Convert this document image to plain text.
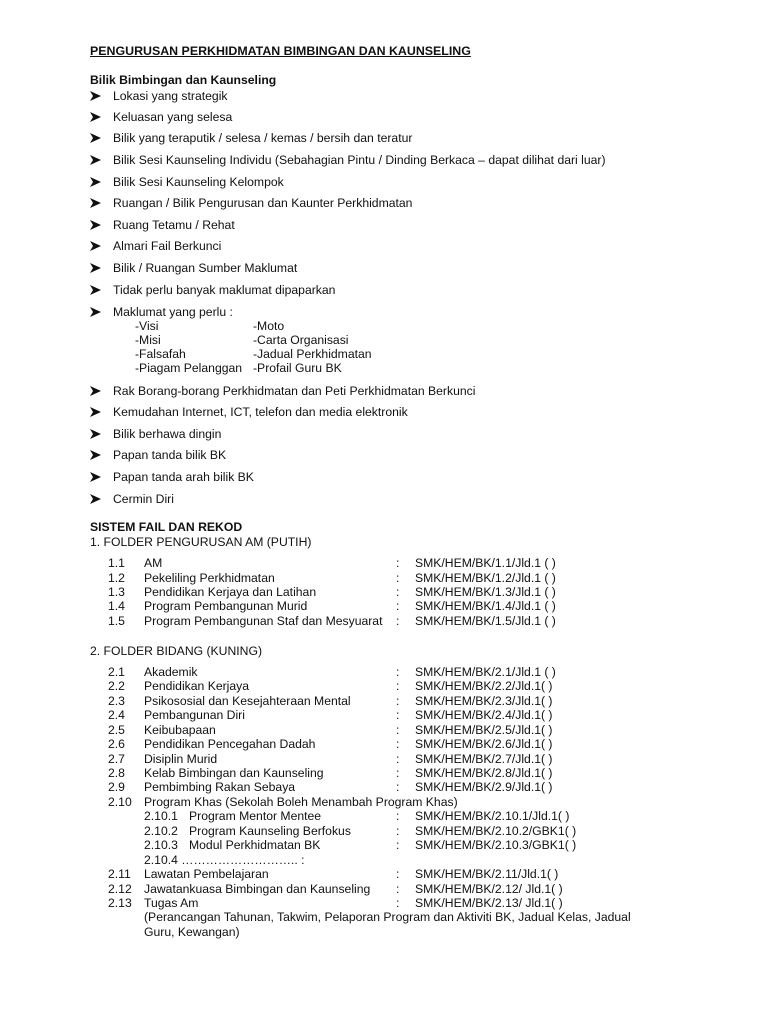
PENGURUSAN PERKHIDMATAN BIMBINGAN DAN KAUNSELING
Bilik Bimbingan dan Kaunseling
Lokasi yang strategik
Keluasan yang selesa
Bilik yang teraputik / selesa / kemas / bersih dan teratur
Bilik Sesi Kaunseling Individu (Sebahagian Pintu / Dinding Berkaca – dapat dilihat dari luar)
Bilik Sesi Kaunseling Kelompok
Ruangan / Bilik Pengurusan dan Kaunter Perkhidmatan
Ruang Tetamu / Rehat
Almari Fail Berkunci
Bilik / Ruangan Sumber Maklumat
Tidak perlu banyak maklumat dipaparkan
Maklumat yang perlu :
-Visi	-Moto
-Misi	-Carta Organisasi
-Falsafah	-Jadual Perkhidmatan
-Piagam Pelanggan -Profail Guru BK
Rak Borang-borang Perkhidmatan dan Peti Perkhidmatan Berkunci
Kemudahan Internet, ICT, telefon dan media elektronik
Bilik berhawa dingin
Papan tanda bilik BK
Papan tanda arah bilik BK
Cermin Diri
SISTEM FAIL DAN REKOD
1. FOLDER PENGURUSAN AM (PUTIH)
1.1 AM	: SMK/HEM/BK/1.1/Jld.1 ( )
1.2 Pekeliling Perkhidmatan	: SMK/HEM/BK/1.2/Jld.1 ( )
1.3 Pendidikan Kerjaya dan Latihan	: SMK/HEM/BK/1.3/Jld.1 ( )
1.4 Program Pembangunan Murid	: SMK/HEM/BK/1.4/Jld.1 ( )
1.5 Program Pembangunan Staf dan Mesyuarat : SMK/HEM/BK/1.5/Jld.1 ( )
2. FOLDER BIDANG (KUNING)
2.1 Akademik	: SMK/HEM/BK/2.1/Jld.1 ( )
2.2 Pendidikan Kerjaya	: SMK/HEM/BK/2.2/Jld.1( )
2.3 Psikososial dan Kesejahteraan Mental	: SMK/HEM/BK/2.3/Jld.1( )
2.4 Pembangunan Diri	: SMK/HEM/BK/2.4/Jld.1( )
2.5 Keibubapaan	: SMK/HEM/BK/2.5/Jld.1( )
2.6 Pendidikan Pencegahan Dadah	: SMK/HEM/BK/2.6/Jld.1( )
2.7 Disiplin Murid	: SMK/HEM/BK/2.7/Jld.1( )
2.8 Kelab Bimbingan dan Kaunseling	: SMK/HEM/BK/2.8/Jld.1( )
2.9 Pembimbing Rakan Sebaya	: SMK/HEM/BK/2.9/Jld.1( )
2.10 Program Khas (Sekolah Boleh Menambah Program Khas)
2.10.1 Program Mentor Mentee	: SMK/HEM/BK/2.10.1/Jld.1( )
2.10.2 Program Kaunseling Berfokus	: SMK/HEM/BK/2.10.2/GBK1( )
2.10.3 Modul Perkhidmatan BK	: SMK/HEM/BK/2.10.3/GBK1( )
2.10.4 ……………………….. :
2.11 Lawatan Pembelajaran	: SMK/HEM/BK/2.11/Jld.1( )
2.12 Jawatankuasa Bimbingan dan Kaunseling : SMK/HEM/BK/2.12/ Jld.1( )
2.13 Tugas Am	: SMK/HEM/BK/2.13/ Jld.1( )
(Perancangan Tahunan, Takwim, Pelaporan Program dan Aktiviti BK, Jadual Kelas, Jadual
Guru, Kewangan)
